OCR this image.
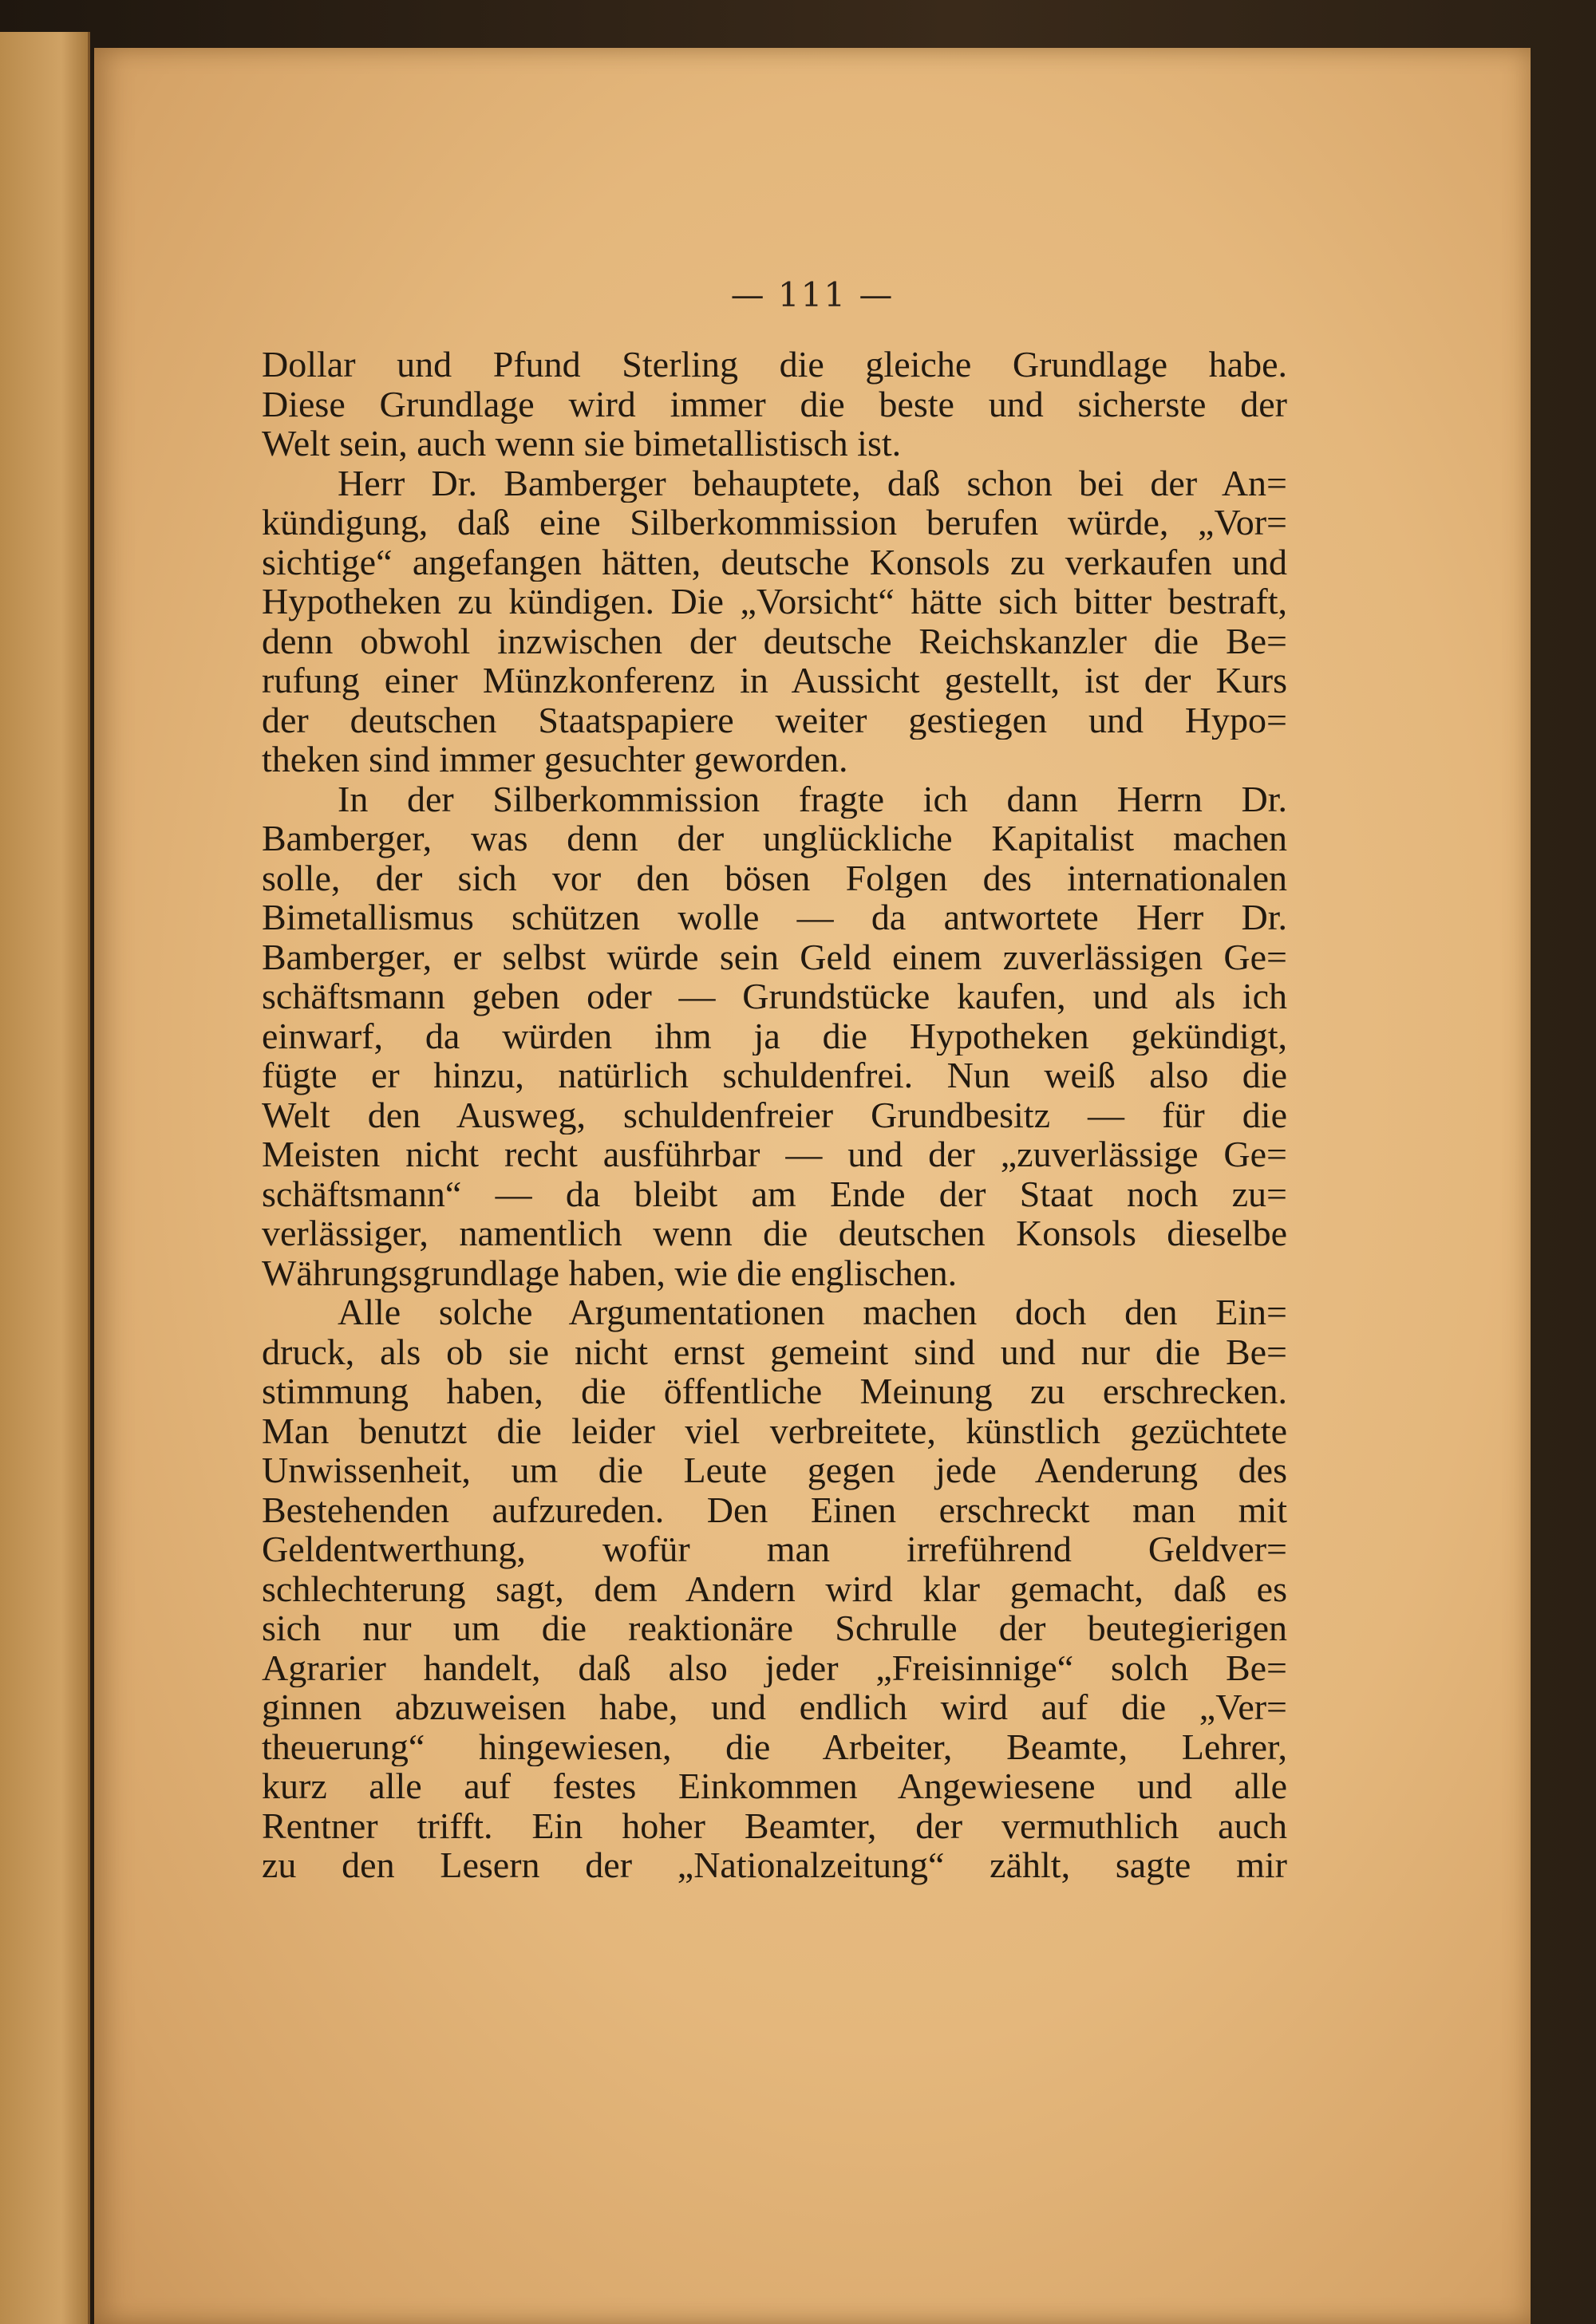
— 111 —
Dollar und Pfund Sterling die gleiche Grundlage habe.
Diese Grundlage wird immer die beste und sicherste der
Welt sein, auch wenn sie bimetallistisch ist.
Herr Dr. Bamberger behauptete, daß schon bei der An=
kündigung, daß eine Silberkommission berufen würde, „Vor=
sichtige“ angefangen hätten, deutsche Konsols zu verkaufen und
Hypotheken zu kündigen. Die „Vorsicht“ hätte sich bitter bestraft,
denn obwohl inzwischen der deutsche Reichskanzler die Be=
rufung einer Münzkonferenz in Aussicht gestellt, ist der Kurs
der deutschen Staatspapiere weiter gestiegen und Hypo=
theken sind immer gesuchter geworden.
In der Silberkommission fragte ich dann Herrn Dr.
Bamberger, was denn der unglückliche Kapitalist machen
solle, der sich vor den bösen Folgen des internationalen
Bimetallismus schützen wolle — da antwortete Herr Dr.
Bamberger, er selbst würde sein Geld einem zuverlässigen Ge=
schäftsmann geben oder — Grundstücke kaufen, und als ich
einwarf, da würden ihm ja die Hypotheken gekündigt,
fügte er hinzu, natürlich schuldenfrei. Nun weiß also die
Welt den Ausweg, schuldenfreier Grundbesitz — für die
Meisten nicht recht ausführbar — und der „zuverlässige Ge=
schäftsmann“ — da bleibt am Ende der Staat noch zu=
verlässiger, namentlich wenn die deutschen Konsols dieselbe
Währungsgrundlage haben, wie die englischen.
Alle solche Argumentationen machen doch den Ein=
druck, als ob sie nicht ernst gemeint sind und nur die Be=
stimmung haben, die öffentliche Meinung zu erschrecken.
Man benutzt die leider viel verbreitete, künstlich gezüchtete
Unwissenheit, um die Leute gegen jede Aenderung des
Bestehenden aufzureden. Den Einen erschreckt man mit
Geldentwerthung, wofür man irreführend Geldver=
schlechterung sagt, dem Andern wird klar gemacht, daß es
sich nur um die reaktionäre Schrulle der beutegierigen
Agrarier handelt, daß also jeder „Freisinnige“ solch Be=
ginnen abzuweisen habe, und endlich wird auf die „Ver=
theuerung“ hingewiesen, die Arbeiter, Beamte, Lehrer,
kurz alle auf festes Einkommen Angewiesene und alle
Rentner trifft. Ein hoher Beamter, der vermuthlich auch
zu den Lesern der „Nationalzeitung“ zählt, sagte mir
